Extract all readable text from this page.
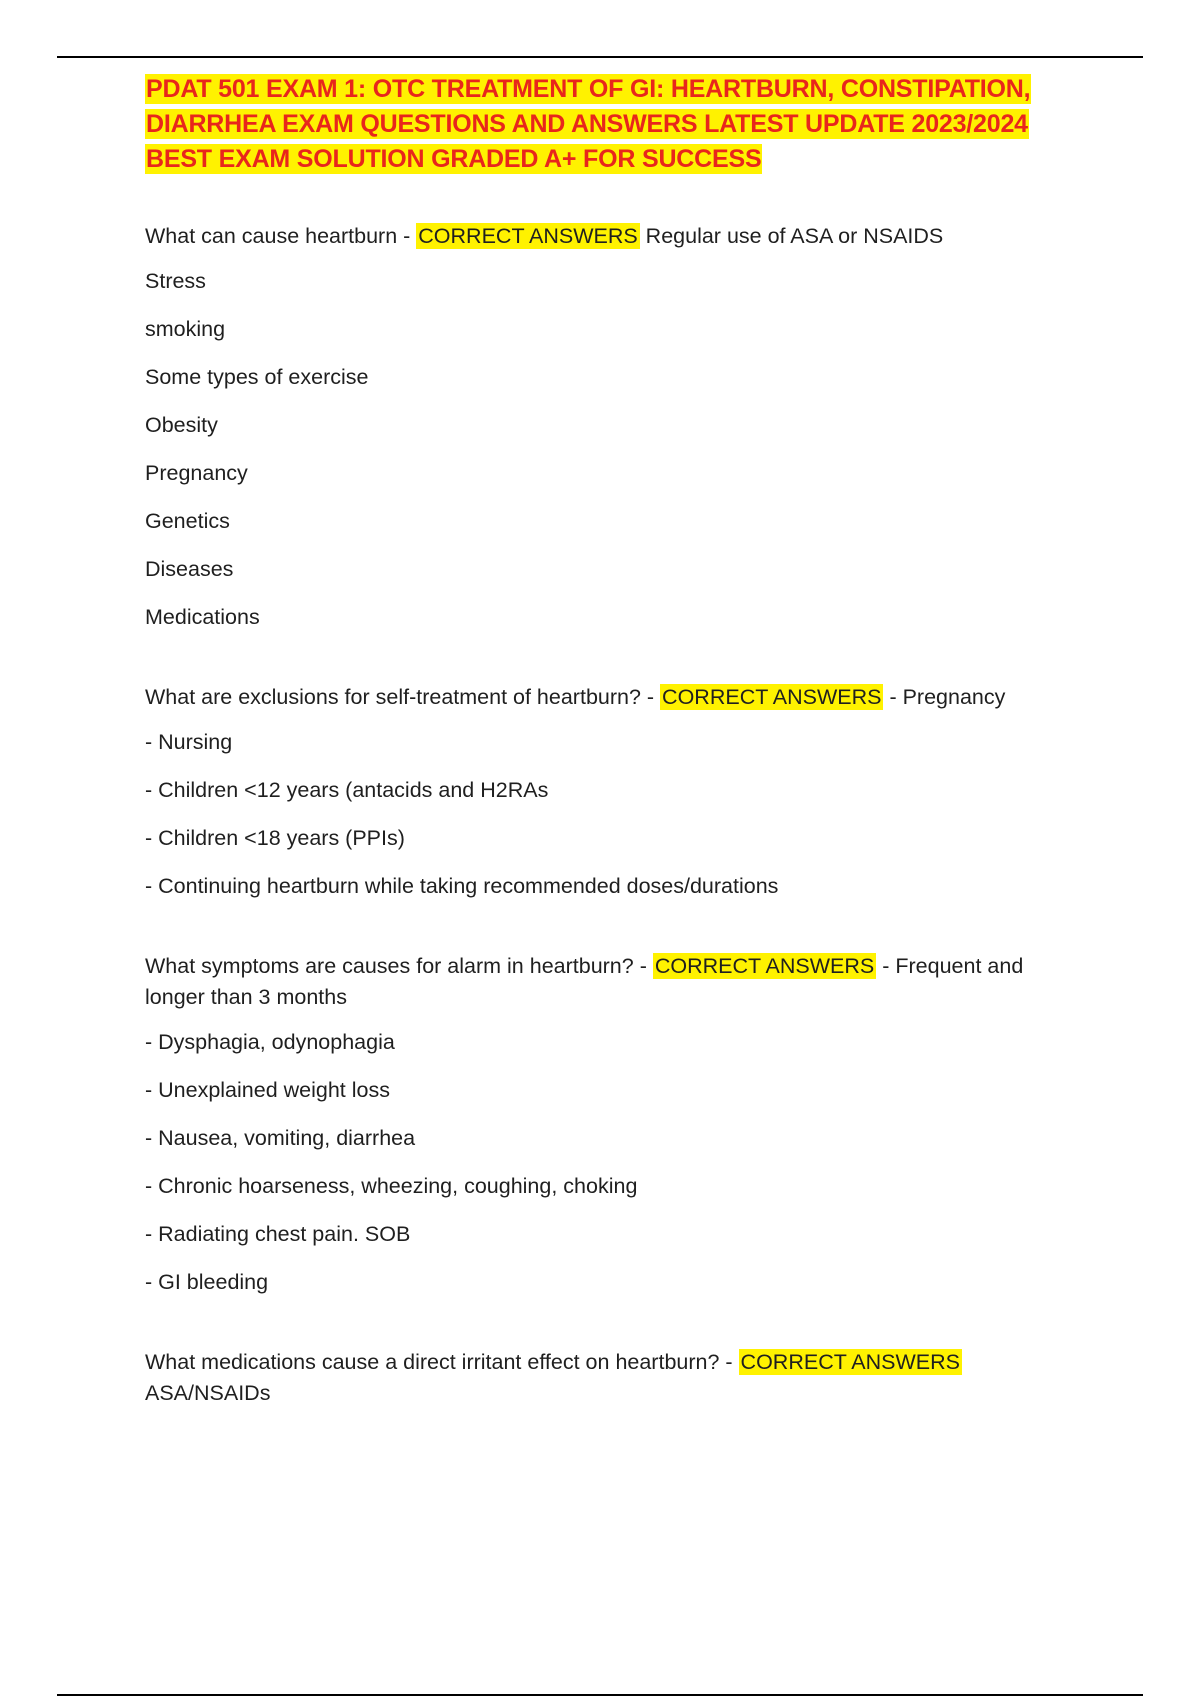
PDAT 501 EXAM 1: OTC TREATMENT OF GI: HEARTBURN, CONSTIPATION, DIARRHEA EXAM QUESTIONS AND ANSWERS LATEST UPDATE 2023/2024 BEST EXAM SOLUTION GRADED A+ FOR SUCCESS
What can cause heartburn - CORRECT ANSWERS Regular use of ASA or NSAIDS
Stress
smoking
Some types of exercise
Obesity
Pregnancy
Genetics
Diseases
Medications
What are exclusions for self-treatment of heartburn? - CORRECT ANSWERS - Pregnancy
- Nursing
- Children <12 years (antacids and H2RAs
- Children <18 years (PPIs)
- Continuing heartburn while taking recommended doses/durations
What symptoms are causes for alarm in heartburn? - CORRECT ANSWERS - Frequent and longer than 3 months
- Dysphagia, odynophagia
- Unexplained weight loss
- Nausea, vomiting, diarrhea
- Chronic hoarseness, wheezing, coughing, choking
- Radiating chest pain. SOB
- GI bleeding
What medications cause a direct irritant effect on heartburn? - CORRECT ANSWERS ASA/NSAIDs
